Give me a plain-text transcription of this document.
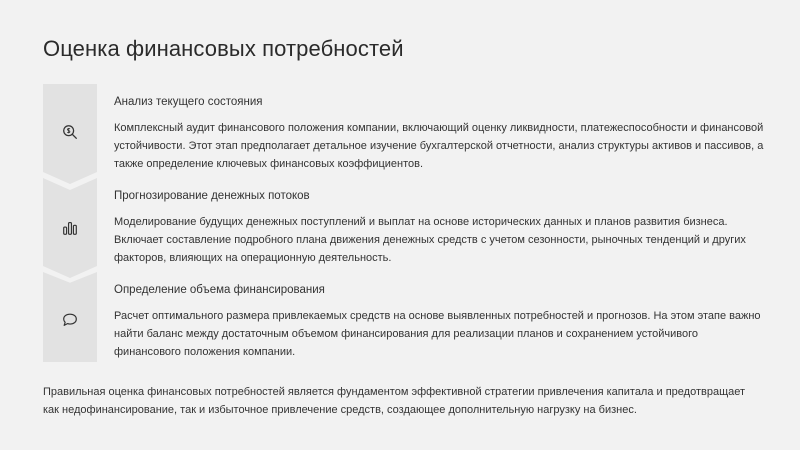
Оценка финансовых потребностей
Анализ текущего состояния
Комплексный аудит финансового положения компании, включающий оценку ликвидности, платежеспособности и финансовой устойчивости. Этот этап предполагает детальное изучение бухгалтерской отчетности, анализ структуры активов и пассивов, а также определение ключевых финансовых коэффициентов.
Прогнозирование денежных потоков
Моделирование будущих денежных поступлений и выплат на основе исторических данных и планов развития бизнеса. Включает составление подробного плана движения денежных средств с учетом сезонности, рыночных тенденций и других факторов, влияющих на операционную деятельность.
Определение объема финансирования
Расчет оптимального размера привлекаемых средств на основе выявленных потребностей и прогнозов. На этом этапе важно найти баланс между достаточным объемом финансирования для реализации планов и сохранением устойчивого финансового положения компании.
Правильная оценка финансовых потребностей является фундаментом эффективной стратегии привлечения капитала и предотвращает как недофинансирование, так и избыточное привлечение средств, создающее дополнительную нагрузку на бизнес.
